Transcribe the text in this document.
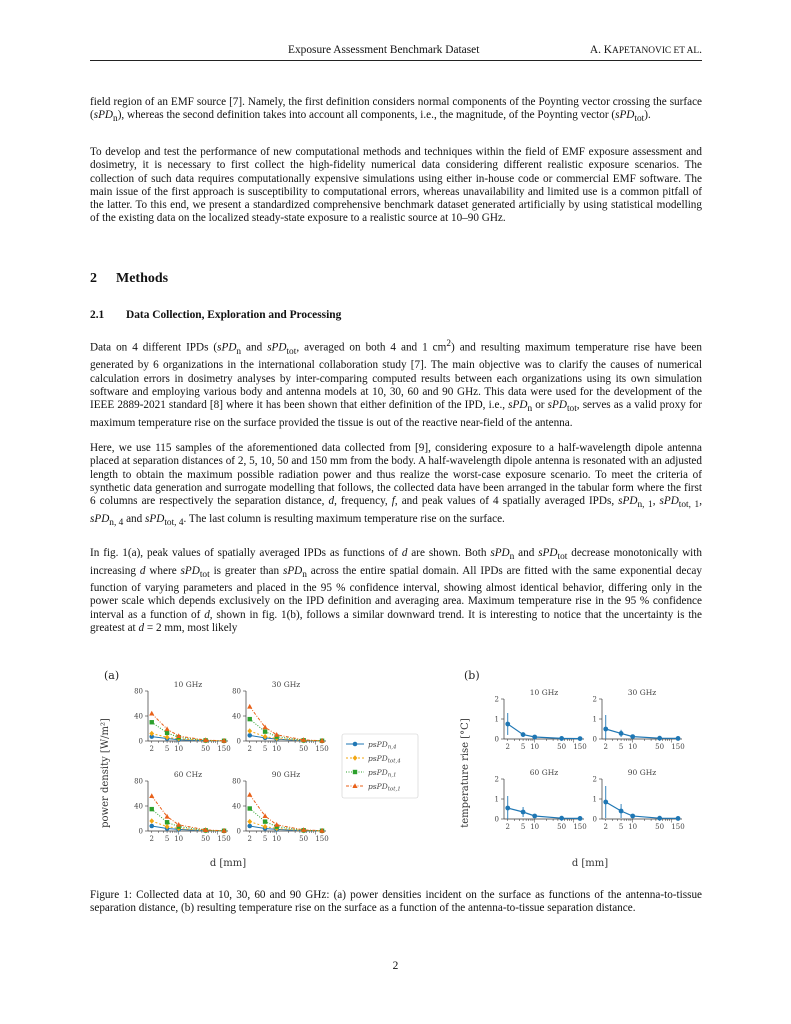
Exposure Assessment Benchmark Dataset	A. KAPETANOVIC ET AL.
field region of an EMF source [7]. Namely, the first definition considers normal components of the Poynting vector crossing the surface (sPD$_n$), whereas the second definition takes into account all components, i.e., the magnitude, of the Poynting vector (sPD$_{tot}$).
To develop and test the performance of new computational methods and techniques within the field of EMF exposure assessment and dosimetry, it is necessary to first collect the high-fidelity numerical data considering different realistic exposure scenarios. The collection of such data requires computationally expensive simulations using either in-house code or commercial EMF software. The main issue of the first approach is susceptibility to computational errors, whereas unavailability and limited use is a common pitfall of the latter. To this end, we present a standardized comprehensive benchmark dataset generated artificially by using statistical modelling of the existing data on the localized steady-state exposure to a realistic source at 10–90 GHz.
2 Methods
2.1 Data Collection, Exploration and Processing
Data on 4 different IPDs (sPD$_n$ and sPD$_{tot}$, averaged on both 4 and 1 $cm^2$) and resulting maximum temperature rise have been generated by 6 organizations in the international collaboration study [7]. The main objective was to clarify the causes of numerical calculation errors in dosimetry analyses by inter-comparing computed results between each organizations using its own simulation software and employing various body and antenna models at 10, 30, 60 and 90 GHz. This data were used for the development of the IEEE 2889-2021 standard [8] where it has been shown that either definition of the IPD, i.e., sPD$_n$ or sPD$_{tot}$, serves as a valid proxy for maximum temperature rise on the surface provided the tissue is out of the reactive near-field of the antenna.
Here, we use 115 samples of the aforementioned data collected from [9], considering exposure to a half-wavelength dipole antenna placed at separation distances of 2, 5, 10, 50 and 150 mm from the body. A half-wavelength dipole antenna is resonated with an adjusted length to obtain the maximum possible radiation power and thus realize the worst-case exposure scenario. To meet the criteria of synthetic data generation and surrogate modelling that follows, the collected data have been arranged in the tabular form where the first 6 columns are respectively the separation distance, d, frequency, f, and peak values of 4 spatially averaged IPDs, sPD$_{n, 1}$, sPD$_{tot, 1}$, sPD$_{n, 4}$ and sPD$_{tot, 4}$. The last column is resulting maximum temperature rise on the surface.
In fig. 1(a), peak values of spatially averaged IPDs as functions of d are shown. Both sPD$_n$ and sPD$_{tot}$ decrease monotonically with increasing d where sPD$_{tot}$ is greater than sPD$_n$ across the entire spatial domain. All IPDs are fitted with the same exponential decay function of varying parameters and placed in the 95 % confidence interval, showing almost identical behavior, differing only in the power scale which depends exclusively on the IPD definition and averaging area. Maximum temperature rise in the 95 % confidence interval as a function of d, shown in fig. 1(b), follows a similar downward trend. It is interesting to notice that the uncertainty is the greatest at d = 2 mm, most likely
(a)	(b)
power density [W/m²]	temperature rise [°C]
d [mm]	d [mm]
0
40
80
2 5 10	50 150
10 GHz
0
40
80
2 5 10	50 150
30 GHz
0
40
80
2 5 10	50 150
60 CHz
0
40
80
2 5 10	50 150
90 GHz
psPD$_{n,4}$
psPD$_{tot,4}$
psPD$_{n,1}$
psPD$_{tot,1}$
0
1
2
2 5 10	50 150
10 GHz
0
1
2
2 5 10	50 150
30 GHz
0
1
2
2 5 10	50 150
60 GHz
0
1
2
2 5 10	50 150
90 GHz
Figure 1: Collected data at 10, 30, 60 and 90 GHz: (a) power densities incident on the surface as functions of the antenna-to-tissue separation distance, (b) resulting temperature rise on the surface as a function of the antenna-to-tissue separation distance.
2
